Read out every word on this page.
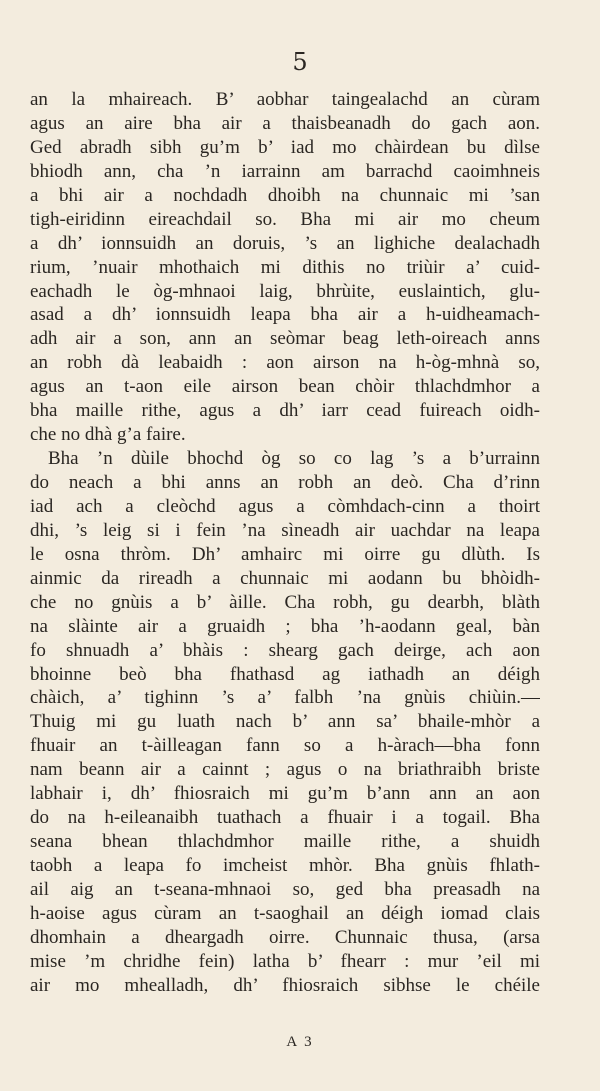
5
an la mhaireach. B’ aobhar taingealachd an cùram
agus an aire bha air a thaisbeanadh do gach aon.
Ged abradh sibh gu’m b’ iad mo chàirdean bu dìlse
bhiodh ann, cha ’n iarrainn am barrachd caoimhneis
a bhi air a nochdadh dhoibh na chunnaic mi ’san
tigh-eiridinn eireachdail so. Bha mi air mo cheum
a dh’ ionnsuidh an doruis, ’s an lighiche dealachadh
rium, ’nuair mhothaich mi dithis no triùir a’ cuid-
eachadh le òg-mhnaoi laig, bhrùite, euslaintich, glu-
asad a dh’ ionnsuidh leapa bha air a h-uidheamach-
adh air a son, ann an seòmar beag leth-oireach anns
an robh dà leabaidh : aon airson na h-òg-mhnà so,
agus an t-aon eile airson bean chòir thlachdmhor a
bha maille rithe, agus a dh’ iarr cead fuireach oidh-
che no dhà g’a faire.
Bha ’n dùile bhochd òg so co lag ’s a b’urrainn
do neach a bhi anns an robh an deò. Cha d’rinn
iad ach a cleòchd agus a còmhdach-cinn a thoirt
dhi, ’s leig si i fein ’na sìneadh air uachdar na leapa
le osna thròm. Dh’ amhairc mi oirre gu dlùth. Is
ainmic da rireadh a chunnaic mi aodann bu bhòidh-
che no gnùis a b’ àille. Cha robh, gu dearbh, blàth
na slàinte air a gruaidh ; bha ’h-aodann geal, bàn
fo shnuadh a’ bhàis : shearg gach deirge, ach aon
bhoinne beò bha fhathasd ag iathadh an déigh
chàich, a’ tighinn ’s a’ falbh ’na gnùis chiùin.—
Thuig mi gu luath nach b’ ann sa’ bhaile-mhòr a
fhuair an t-àilleagan fann so a h-àrach—bha fonn
nam beann air a cainnt ; agus o na briathraibh briste
labhair i, dh’ fhiosraich mi gu’m b’ann ann an aon
do na h-eileanaibh tuathach a fhuair i a togail. Bha
seana bhean thlachdmhor maille rithe, a shuidh
taobh a leapa fo imcheist mhòr. Bha gnùis fhlath-
ail aig an t-seana-mhnaoi so, ged bha preasadh na
h-aoise agus cùram an t-saoghail an déigh iomad clais
dhomhain a dheargadh oirre. Chunnaic thusa, (arsa
mise ’m chridhe fein) latha b’ fhearr : mur ’eil mi
air mo mhealladh, dh’ fhiosraich sibhse le chéile
A 3
